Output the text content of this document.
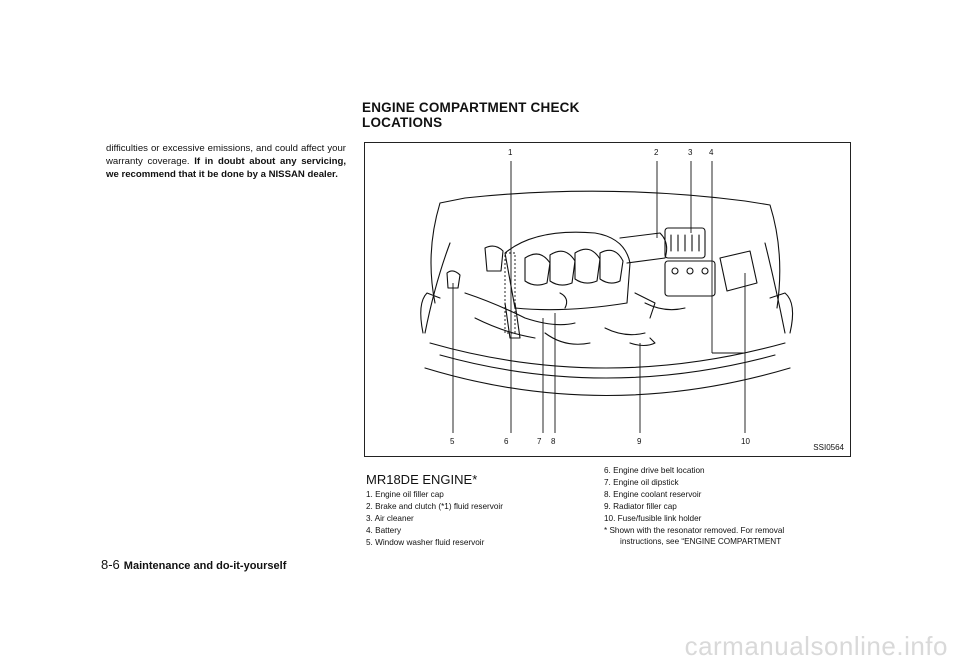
difficulties or excessive emissions, and could affect your warranty coverage. If in doubt about any servicing, we recommend that it be done by a NISSAN dealer.
ENGINE COMPARTMENT CHECK
LOCATIONS
1	2	3 4
5	6	7 8	9	10
SSI0564
MR18DE ENGINE*
1. Engine oil filler cap
2. Brake and clutch (*1) fluid reservoir
3. Air cleaner
4. Battery
5. Window washer fluid reservoir
6. Engine drive belt location
7. Engine oil dipstick
8. Engine coolant reservoir
9. Radiator filler cap
10. Fuse/fusible link holder
* Shown with the resonator removed. For removal
instructions, see “ENGINE COMPARTMENT
8-6 Maintenance and do-it-yourself
carmanualsonline.info
